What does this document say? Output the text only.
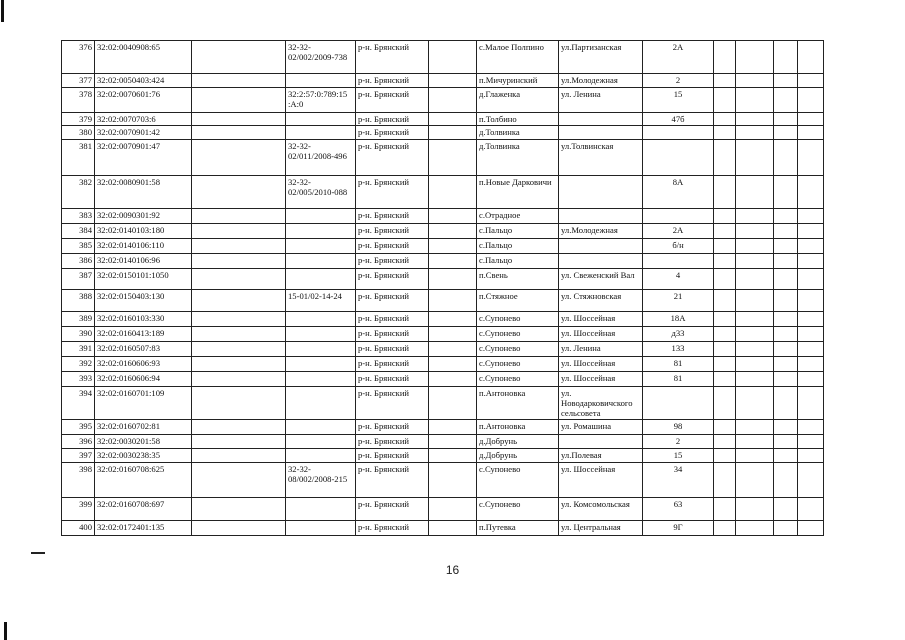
376	32:02:0040908:65		32-32-02/002/2009-738	р-н. Брянский		с.Малое Полпино	ул.Партизанская	2А				
377	32:02:0050403:424			р-н. Брянский		п.Мичуринский	ул.Молодежная	2				
378	32:02:0070601:76		32:2:57:0:789:15 :А:0	р-н. Брянский		д.Глаженка	ул. Ленина	15				
379	32:02:0070703:6			р-н. Брянский		п.Толбино		47б				
380	32:02:0070901:42			р-н. Брянский		д.Толвинка						
381	32:02:0070901:47		32-32-02/011/2008-496	р-н. Брянский		д.Толвинка	ул.Толвинская					
382	32:02:0080901:58		32-32-02/005/2010-088	р-н. Брянский		п.Новые Дарковичи		8А				
383	32:02:0090301:92			р-н. Брянский		с.Отрадное						
384	32:02:0140103:180			р-н. Брянский		с.Пальцо	ул.Молодежная	2А				
385	32:02:0140106:110			р-н. Брянский		с.Пальцо		б/н				
386	32:02:0140106:96			р-н. Брянский		с.Пальцо						
387	32:02:0150101:1050			р-н. Брянский		п.Свень	ул. Свеженский Вал	4				
388	32:02:0150403:130		15-01/02-14-24	р-н. Брянский		п.Стяжное	ул. Стяжновская	21				
389	32:02:0160103:330			р-н. Брянский		с.Супонево	ул. Шоссейная	18А				
390	32:02:0160413:189			р-н. Брянский		с.Супонево	ул. Шоссейная	д33				
391	32:02:0160507:83			р-н. Брянский		с.Супонево	ул. Ленина	133				
392	32:02:0160606:93			р-н. Брянский		с.Супонево	ул. Шоссейная	81				
393	32:02:0160606:94			р-н. Брянский		с.Супонево	ул. Шоссейная	81				
394	32:02:0160701:109			р-н. Брянский		п.Антоновка	ул. Новодарковичского сельсовета					
395	32:02:0160702:81			р-н. Брянский		п.Антоновка	ул. Ромашина	98				
396	32:02:0030201:58			р-н. Брянский		д.Добрунь		2				
397	32:02:0030238:35			р-н. Брянский		д.Добрунь	ул.Полевая	15				
398	32:02:0160708:625		32-32-08/002/2008-215	р-н. Брянский		с.Супонево	ул. Шоссейная	34				
399	32:02:0160708:697			р-н. Брянский		с.Супонево	ул. Комсомольская	63				
400	32:02:0172401:135			р-н. Брянский		п.Путевка	ул. Центральная	9Г				
16
